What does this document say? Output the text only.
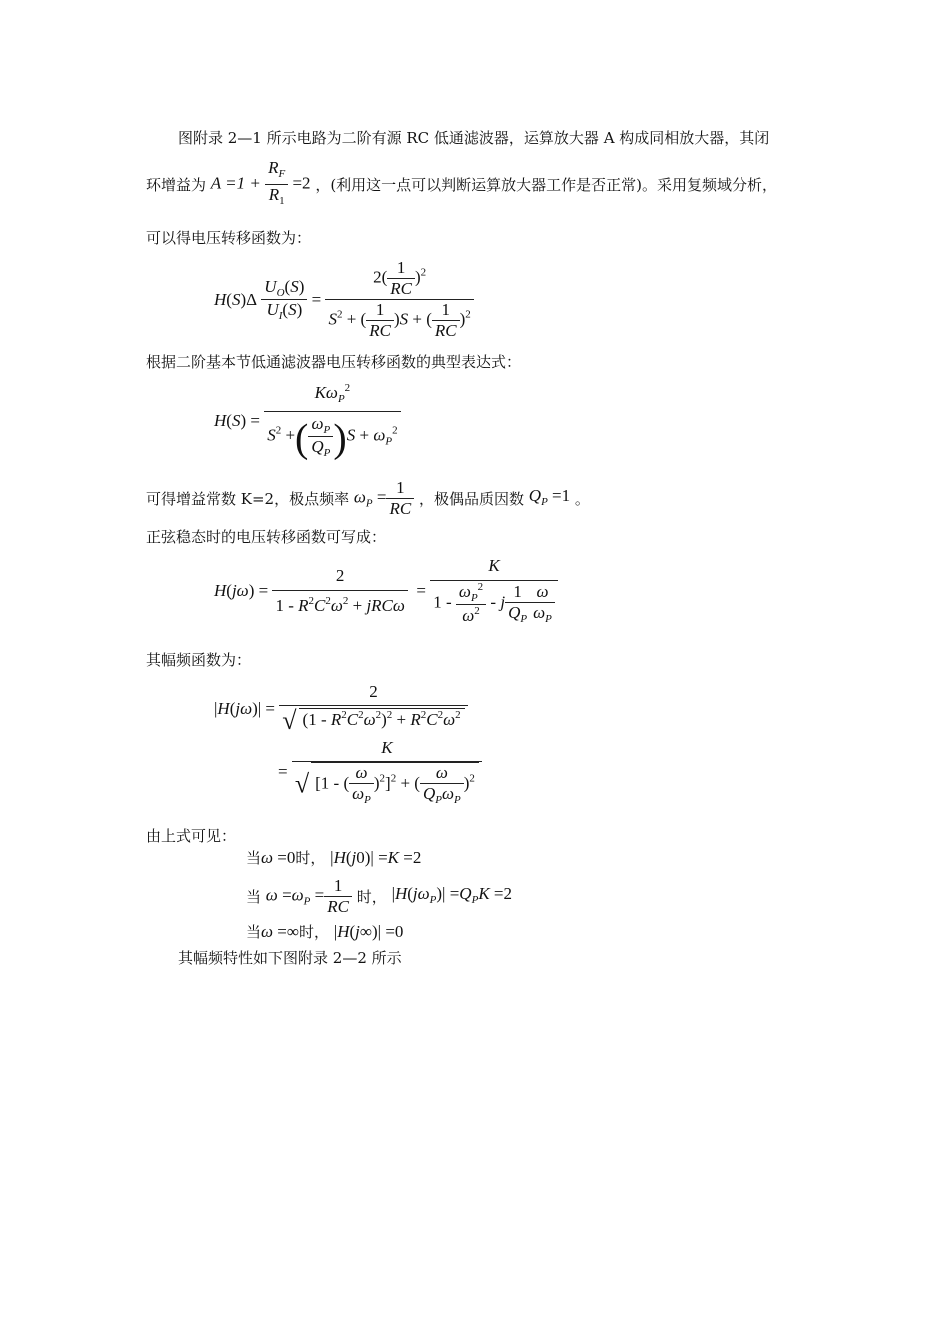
图附录 2—1 所示电路为二阶有源 RC 低通滤波器，运算放大器 A 构成同相放大器，其闭
环增益为 $A =1 + \frac{R_F}{R_1} =2$ ，(利用这一点可以判断运算放大器工作是否正常)。采用复频域分析，
可以得电压转移函数为：
$H(S)\Delta \frac{U_O(S)}{U_I(S)} = \frac{2( \frac{1}{RC} )^2}{S^2 + ( \frac{1}{RC} )S + ( \frac{1}{RC} )^2}$
根据二阶基本节低通滤波器电压转移函数的典型表达式：
$H(S) = \frac{K\omega_P^2}{S^2 +( \frac{\omega_P}{Q_P} )S + \omega_P^2}$
可得增益常数 K=2，极点频率 $\omega_P = \frac{1}{RC}$ ，极偶品质因数 $Q_P =1$ 。
正弦稳态时的电压转移函数可写成：
$H(j\omega) = \frac{2}{1 - R^2C^2\omega^2 + jRC\omega} = \frac{K}{1 - \frac{\omega_P^2}{\omega^2} - j \frac{1}{Q_P} \frac{\omega}{\omega_P}}$
其幅频函数为：
$|H(j\omega)| = \frac{2}{√ (1 - R^2C^2\omega^2)^2 + R^2C^2\omega^2}$
= $\frac{K}{√ [1 - ( \frac{\omega}{\omega_P} )^2]^2 + ( \frac{\omega}{Q_P\omega_P} )^2}$
由上式可见：
当ω =0时， |H(j0)| =K =2
当 $\omega =\omega_P = \frac{1}{RC}$ 时， $|H(j\omega_P)| =Q_PK =2$
当ω =∞时， |H(j∞)| =0
其幅频特性如下图附录 2—2 所示
